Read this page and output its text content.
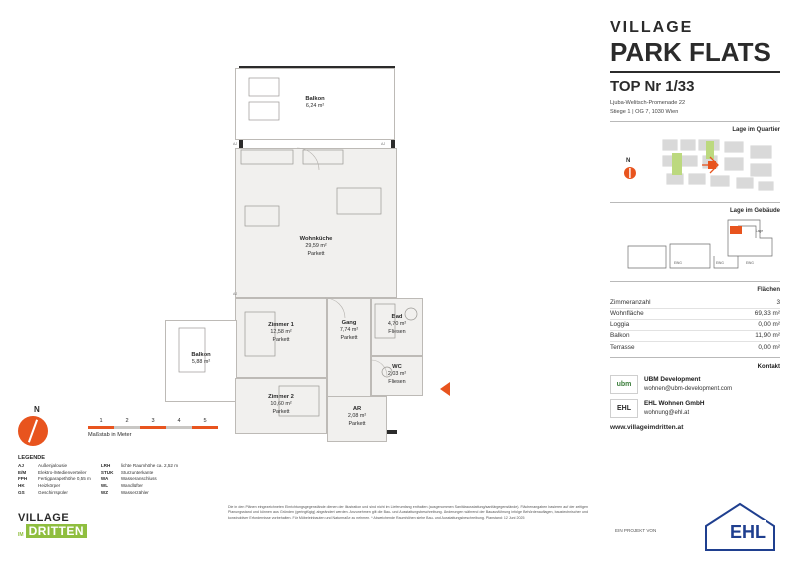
Balkon
6,24 m²
Wohnküche
29,59 m²
Parkett
Zimmer 1
12,58 m²
Parkett
Gang
7,74 m²
Parkett
Bad
4,70 m²
Fliesen
WC
2,03 m²
Fliesen
Balkon
5,88 m²
Zimmer 2
10,60 m²
Parkett
AR
2,08 m²
Parkett
AJ	AJ
AJ
VILLAGE
PARK FLATS
TOP Nr 1/33
Ljuba-Welitsch-Promenade 22
Stiege 1 | OG 7, 1030 Wien
Lage im Quartier
N
Lage im Gebäude
Lage
EING
EING	EING
Flächen
Zimmeranzahl	3
Wohnfläche	69,33 m²
Loggia	0,00 m²
Balkon	11,90 m²
Terrasse	0,00 m²
Kontakt
ubm
UBM Development
wohnen@ubm-development.com
EHL
EHL Wohnen GmbH
wohnung@ehl.at
www.villageimdritten.at
N
1	2	3	4	5
Maßstab in Meter
LEGENDE
AJ	Außenjalousie
E/M	Elektro-/Medienverteiler
FPH	Fertigparapethöhe 0,55 m
HK	Heizkörper
GS	Geschirrspüler
LRH	lichte Raumhöhe ca. 2,52 m
STUK	Sturzunterkante
WA	Wasseranschluss
WL	Wandlüfter
WZ	Wasserzähler
Die in den Plänen eingezeichneten Einrichtungsgegenstände dienen der Illustration und sind nicht im Lieferumfang enthalten (ausgenommen Sanitärausstattung/sanitärgegenstände). Flächenangaben basieren auf der zeitigen Planungsstand und können aus Gründen (geringfügig) abgeändert werden. Anzunehmen gilt die Bau- und Ausstattungsbeschreibung. Änderungen während der Bauausführung infolge Behördenauflagen, baustechnischer und konstruktiver Erfordernisse vorbehalten. Für Möbeleinbauten und Naturmaße zu nehmen. * Abweichende Raumhöhen siehe Bau- und Ausstattungsbeschreibung. Planstand: 12 Juni 2025
VILLAGE
IM DRITTEN	EIN PROJEKT VON	EHL
